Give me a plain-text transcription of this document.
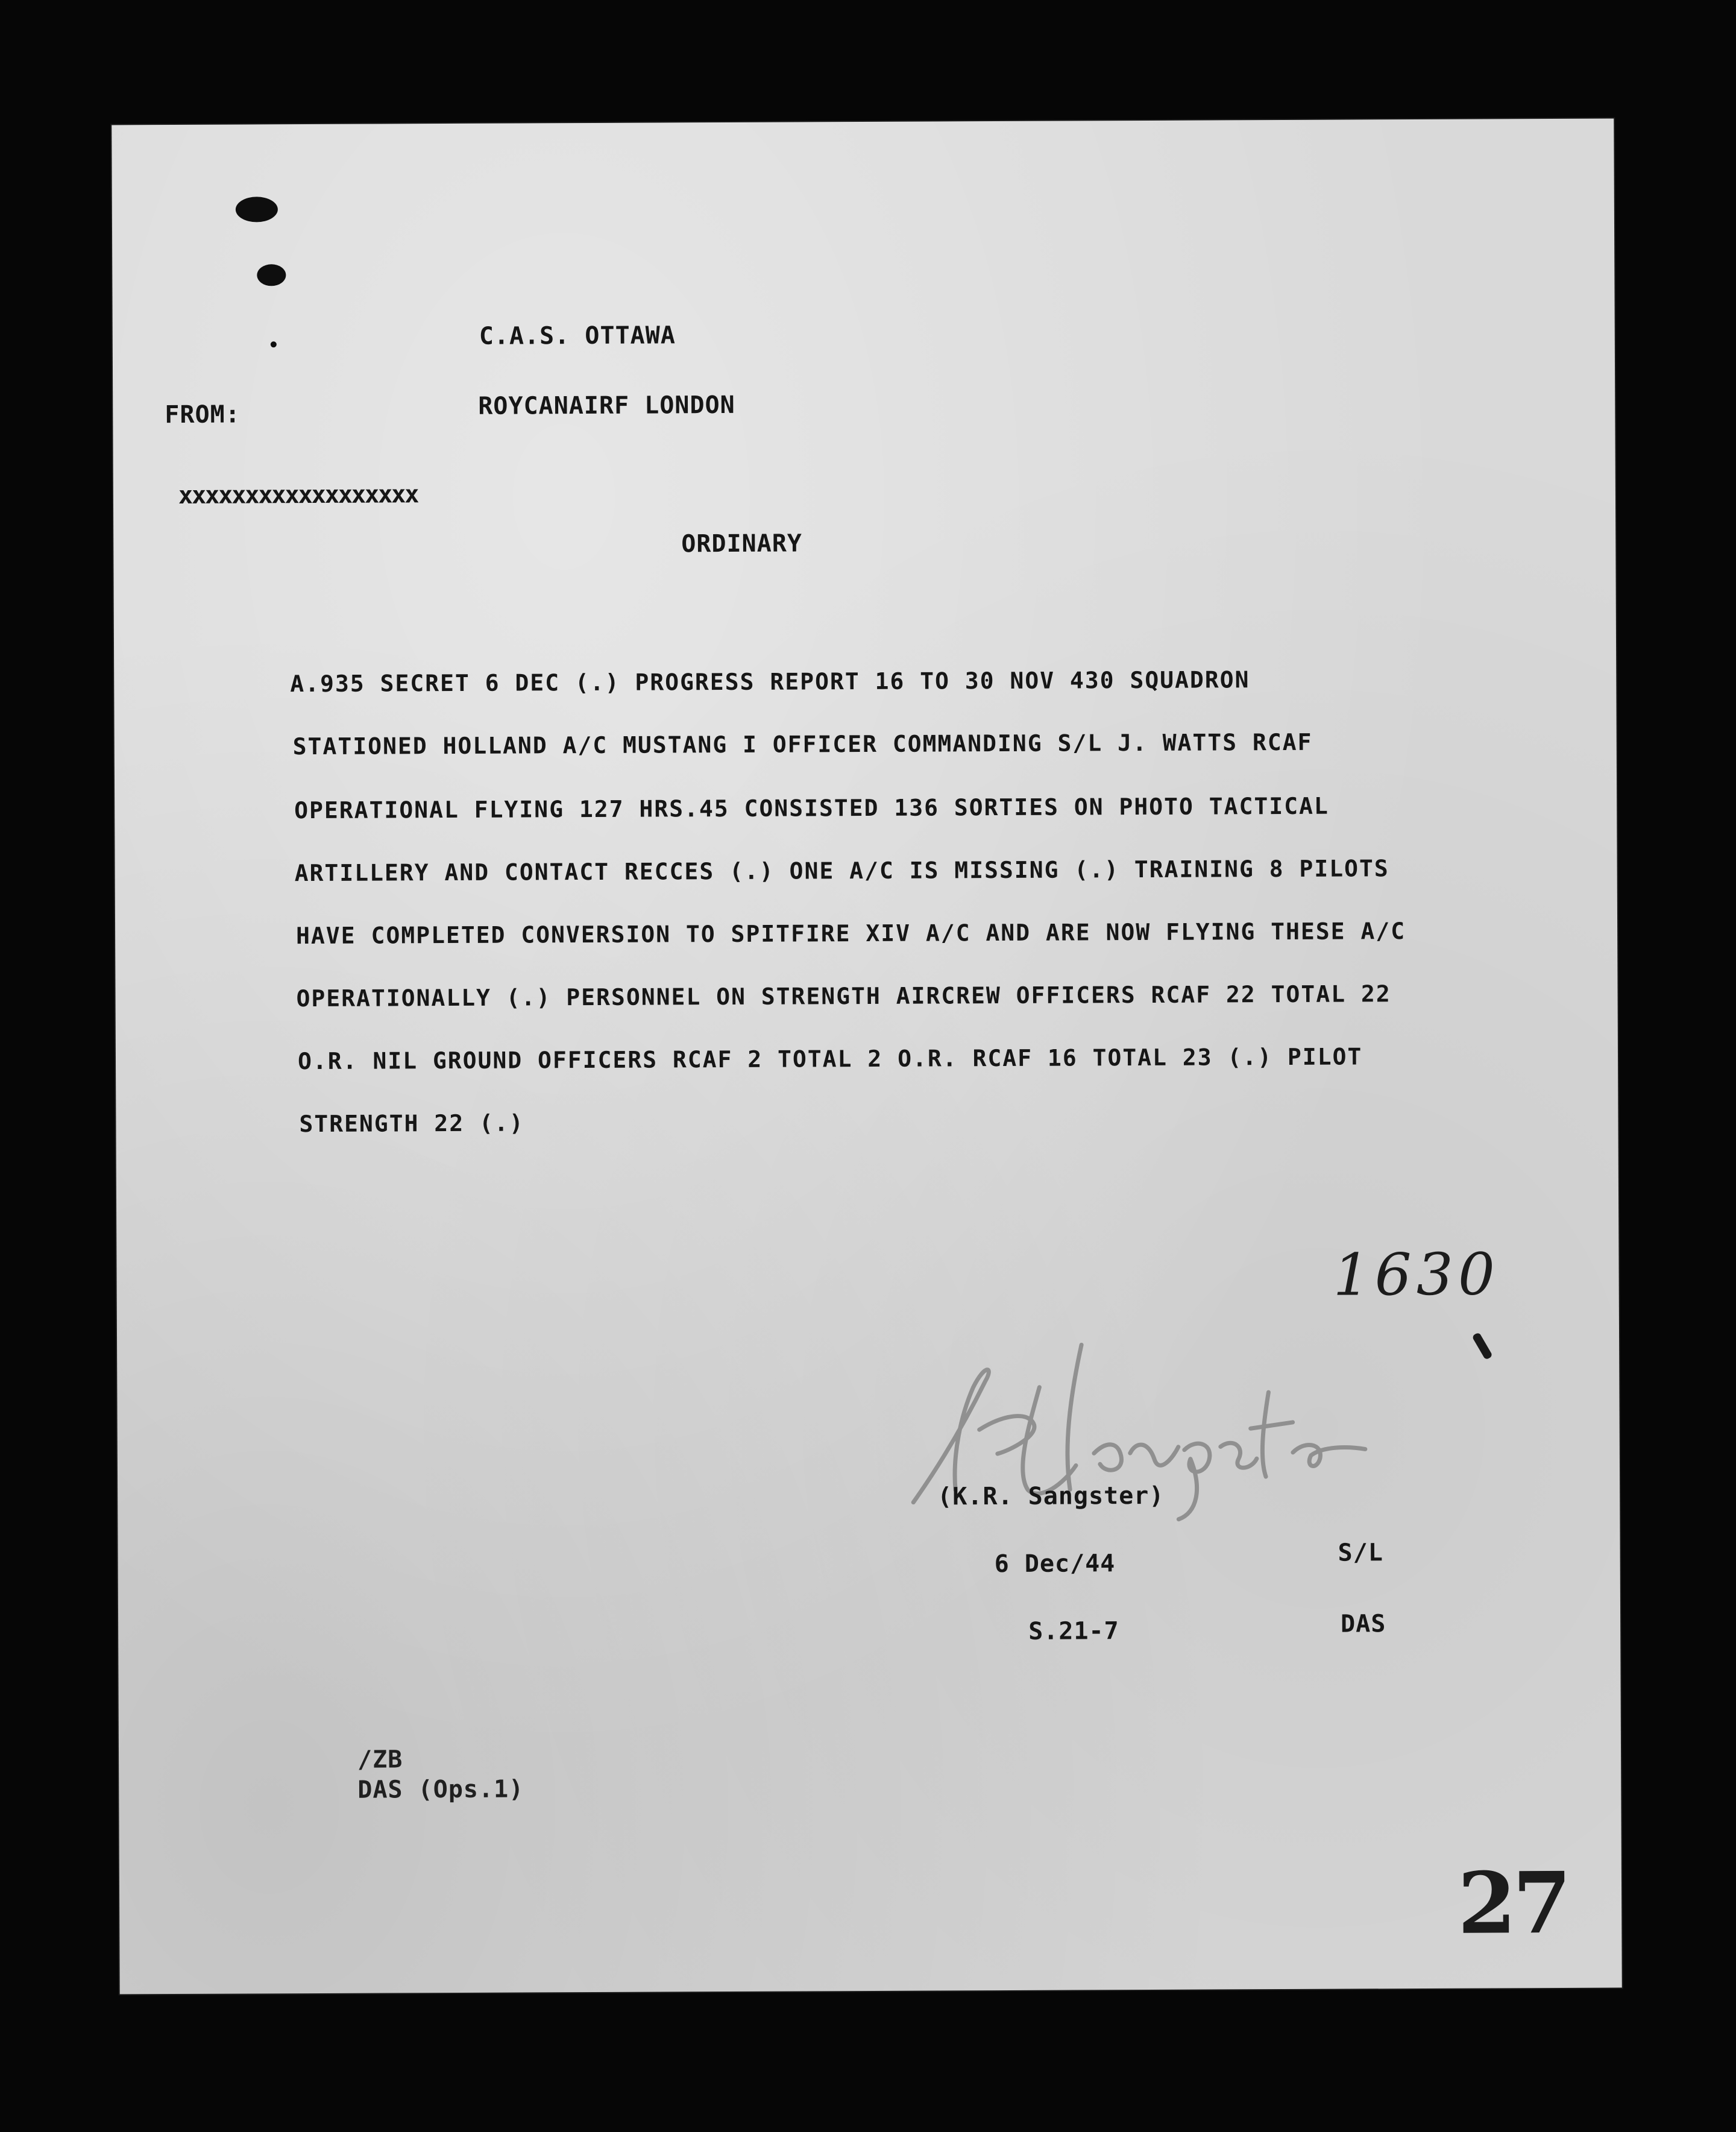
C.A.S. OTTAWA
FROM:	ROYCANAIRF LONDON
xxxxxxxxxxxxxxxxxx
ORDINARY
A.935 SECRET 6 DEC (.) PROGRESS REPORT 16 TO 30 NOV 430 SQUADRON
STATIONED HOLLAND A/C MUSTANG I OFFICER COMMANDING S/L J. WATTS RCAF
OPERATIONAL FLYING 127 HRS.45 CONSISTED 136 SORTIES ON PHOTO TACTICAL
ARTILLERY AND CONTACT RECCES (.) ONE A/C IS MISSING (.) TRAINING 8 PILOTS
HAVE COMPLETED CONVERSION TO SPITFIRE XIV A/C AND ARE NOW FLYING THESE A/C
OPERATIONALLY (.) PERSONNEL ON STRENGTH AIRCREW OFFICERS RCAF 22 TOTAL 22
O.R. NIL GROUND OFFICERS RCAF 2 TOTAL 2 O.R. RCAF 16 TOTAL 23 (.) PILOT
STRENGTH 22 (.)
1630
(K.R. Sangster)
S/L
6 Dec/44
S.21-7	DAS
/ZB
DAS (Ops.1)
27
